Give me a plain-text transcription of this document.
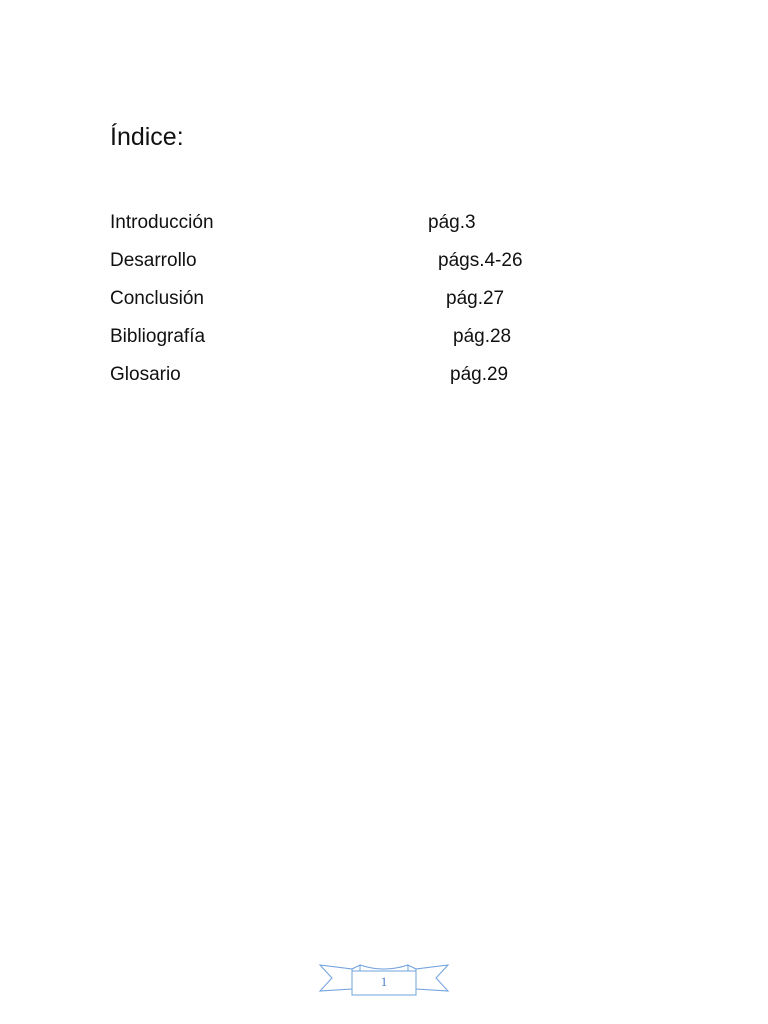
Índice:
Introducción	pág.3
Desarrollo	págs.4-26
Conclusión	pág.27
Bibliografía	pág.28
Glosario	pág.29
1
